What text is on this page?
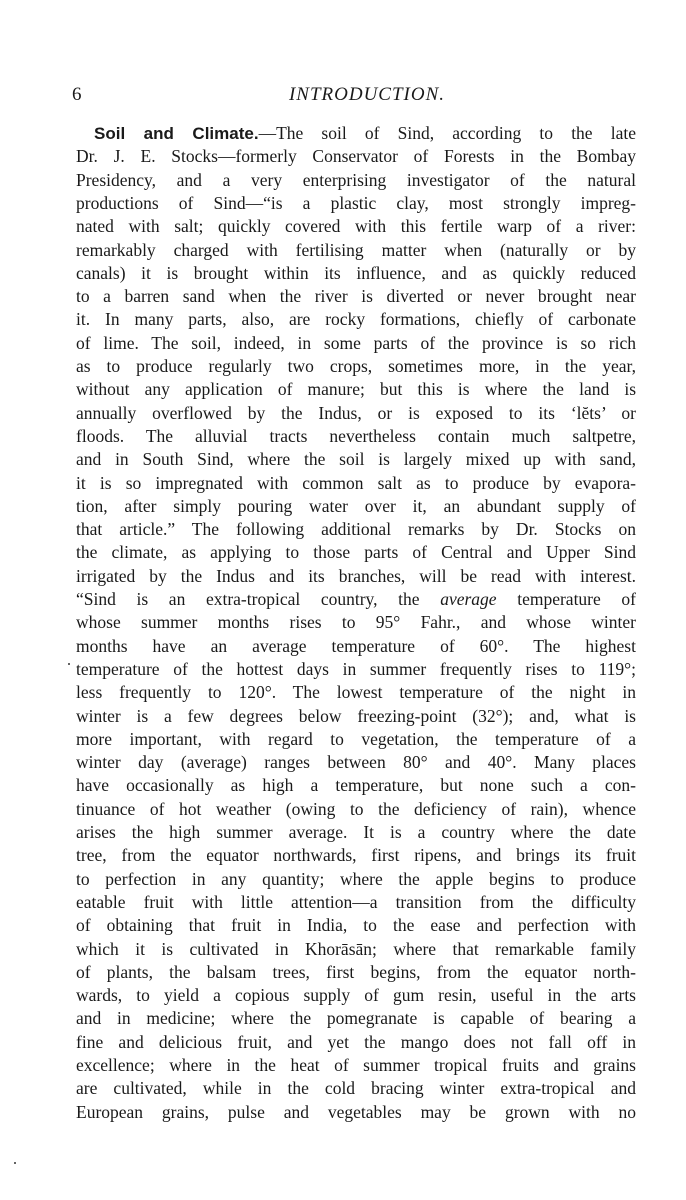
6	INTRODUCTION.
Soil and Climate.—The soil of Sind, according to the late
Dr. J. E. Stocks—formerly Conservator of Forests in the Bombay
Presidency, and a very enterprising investigator of the natural
productions of Sind—“is a plastic clay, most strongly impreg-
nated with salt; quickly covered with this fertile warp of a river:
remarkably charged with fertilising matter when (naturally or by
canals) it is brought within its influence, and as quickly reduced
to a barren sand when the river is diverted or never brought near
it. In many parts, also, are rocky formations, chiefly of carbonate
of lime. The soil, indeed, in some parts of the province is so rich
as to produce regularly two crops, sometimes more, in the year,
without any application of manure; but this is where the land is
annually overflowed by the Indus, or is exposed to its ‘lĕts’ or
floods. The alluvial tracts nevertheless contain much saltpetre,
and in South Sind, where the soil is largely mixed up with sand,
it is so impregnated with common salt as to produce by evapora-
tion, after simply pouring water over it, an abundant supply of
that article.” The following additional remarks by Dr. Stocks on
the climate, as applying to those parts of Central and Upper Sind
irrigated by the Indus and its branches, will be read with interest.
“Sind is an extra-tropical country, the average temperature of
whose summer months rises to 95° Fahr., and whose winter
months have an average temperature of 60°. The highest
temperature of the hottest days in summer frequently rises to 119°;
less frequently to 120°. The lowest temperature of the night in
winter is a few degrees below freezing-point (32°); and, what is
more important, with regard to vegetation, the temperature of a
winter day (average) ranges between 80° and 40°. Many places
have occasionally as high a temperature, but none such a con-
tinuance of hot weather (owing to the deficiency of rain), whence
arises the high summer average. It is a country where the date
tree, from the equator northwards, first ripens, and brings its fruit
to perfection in any quantity; where the apple begins to produce
eatable fruit with little attention—a transition from the difficulty
of obtaining that fruit in India, to the ease and perfection with
which it is cultivated in Khorāsān; where that remarkable family
of plants, the balsam trees, first begins, from the equator north-
wards, to yield a copious supply of gum resin, useful in the arts
and in medicine; where the pomegranate is capable of bearing a
fine and delicious fruit, and yet the mango does not fall off in
excellence; where in the heat of summer tropical fruits and grains
are cultivated, while in the cold bracing winter extra-tropical and
European grains, pulse and vegetables may be grown with no
